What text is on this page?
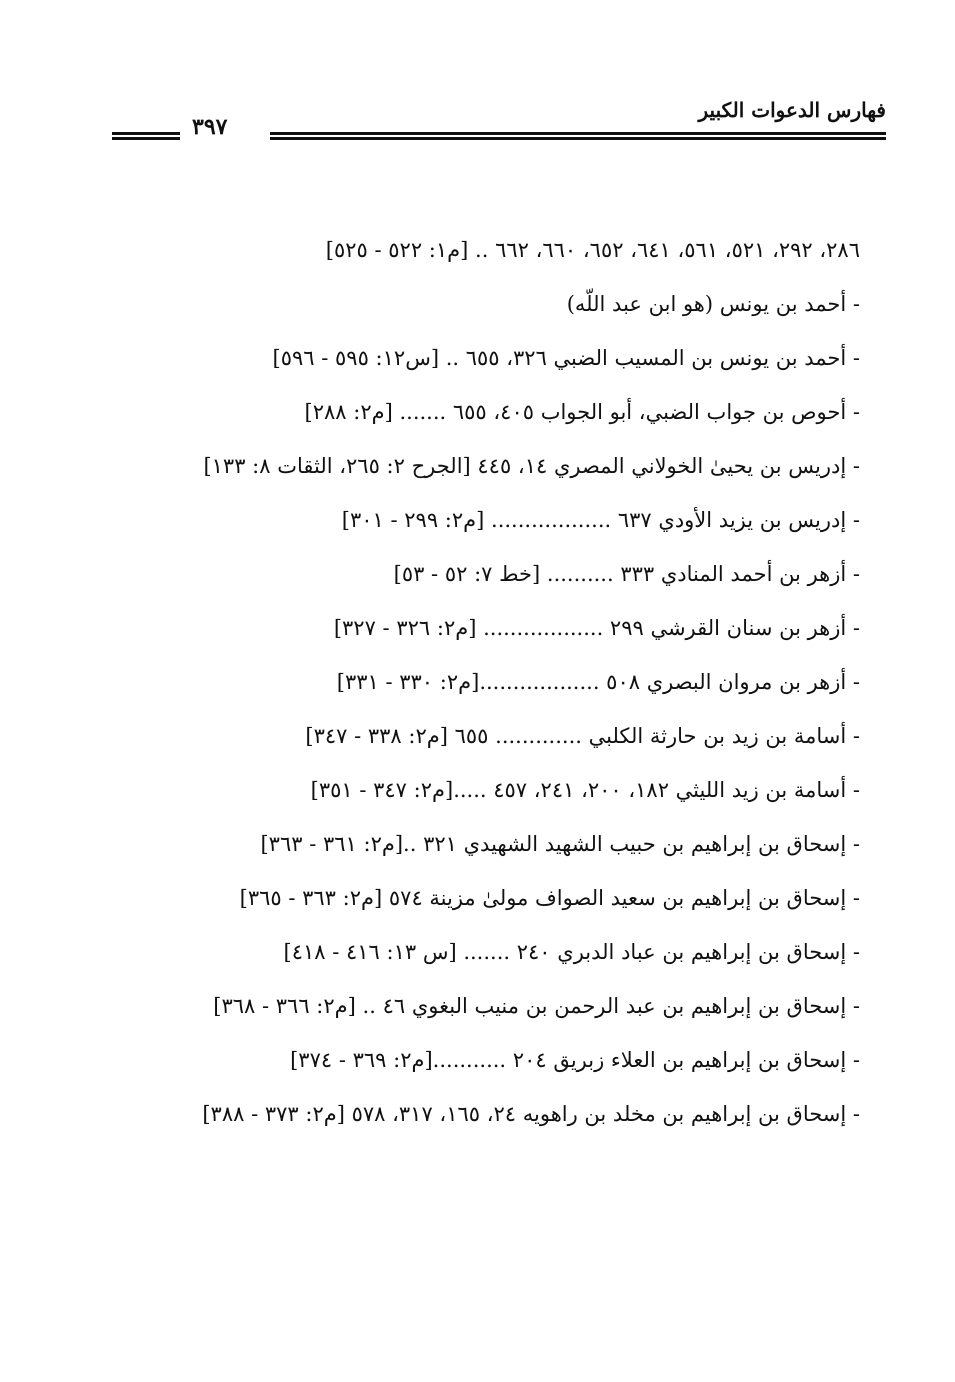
فهارس الدعوات الكبير
٣٩٧
٢٨٦، ٢٩٢، ٥٢١، ٥٦١، ٦٤١، ٦٥٢، ٦٦٠، ٦٦٢ .. [م١: ٥٢٢ - ٥٢٥]
- أحمد بن يونس (هو ابن عبد اللّه)
- أحمد بن يونس بن المسيب الضبي ٣٢٦، ٦٥٥ .. [س١٢: ٥٩٥ - ٥٩٦]
- أحوص بن جواب الضبي، أبو الجواب ٤٠٥، ٦٥٥ ....... [م٢: ٢٨٨]
- إدريس بن يحيىٰ الخولاني المصري ١٤، ٤٤٥ [الجرح ٢: ٢٦٥، الثقات ٨: ١٣٣]
- إدريس بن يزيد الأودي ٦٣٧ .................. [م٢: ٢٩٩ - ٣٠١]
- أزهر بن أحمد المنادي ٣٣٣ .......... [خط ٧: ٥٢ - ٥٣]
- أزهر بن سنان القرشي ٢٩٩ .................. [م٢: ٣٢٦ - ٣٢٧]
- أزهر بن مروان البصري ٥٠٨ ..................[م٢: ٣٣٠ - ٣٣١]
- أسامة بن زيد بن حارثة الكلبي ............. ٦٥٥ [م٢: ٣٣٨ - ٣٤٧]
- أسامة بن زيد الليثي ١٨٢، ٢٠٠، ٢٤١، ٤٥٧ .....[م٢: ٣٤٧ - ٣٥١]
- إسحاق بن إبراهيم بن حبيب الشهيد الشهيدي ٣٢١ ..[م٢: ٣٦١ - ٣٦٣]
- إسحاق بن إبراهيم بن سعيد الصواف مولىٰ مزينة ٥٧٤ [م٢: ٣٦٣ - ٣٦٥]
- إسحاق بن إبراهيم بن عباد الدبري ٢٤٠ ....... [س ١٣: ٤١٦ - ٤١٨]
- إسحاق بن إبراهيم بن عبد الرحمن بن منيب البغوي ٤٦ .. [م٢: ٣٦٦ - ٣٦٨]
- إسحاق بن إبراهيم بن العلاء زبريق ٢٠٤ ...........[م٢: ٣٦٩ - ٣٧٤]
- إسحاق بن إبراهيم بن مخلد بن راهويه ٢٤، ١٦٥، ٣١٧، ٥٧٨ [م٢: ٣٧٣ - ٣٨٨]
